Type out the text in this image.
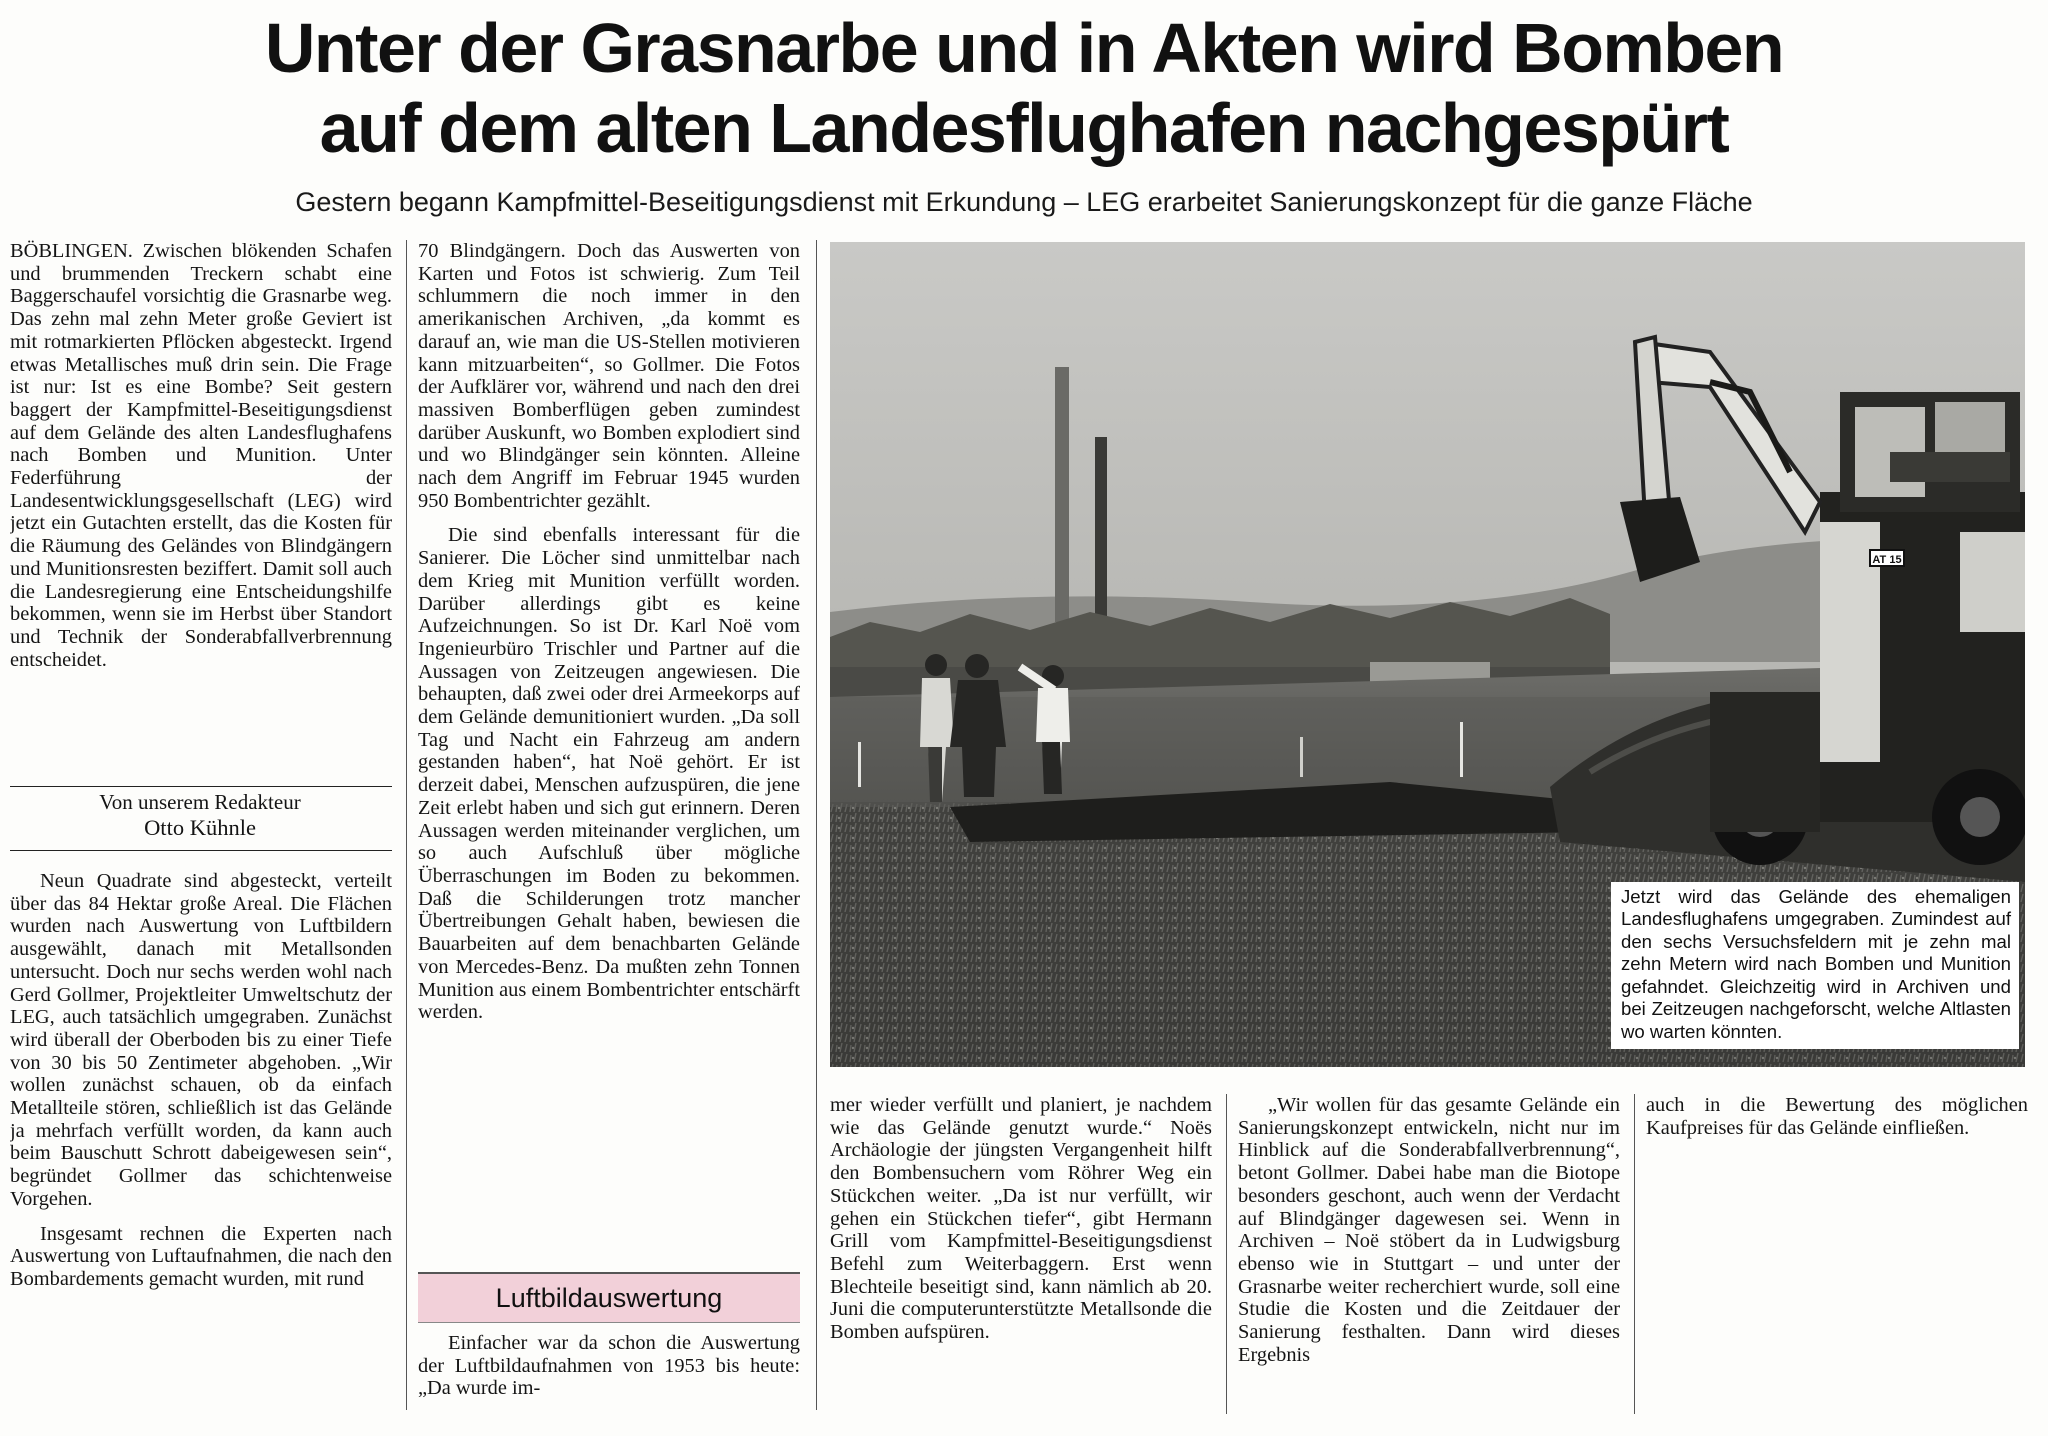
Unter der Grasnarbe und in Akten wird Bomben
auf dem alten Landesflughafen nachgespürt
Gestern begann Kampfmittel-Beseitigungsdienst mit Erkundung – LEG erarbeitet Sanierungskonzept für die ganze Fläche

BÖBLINGEN. Zwischen blökenden Schafen und brummenden Treckern schabt eine Baggerschaufel vorsichtig die Grasnarbe weg. Das zehn mal zehn Meter große Geviert ist mit rotmarkierten Pflöcken abgesteckt. Irgend etwas Metallisches muß drin sein. Die Frage ist nur: Ist es eine Bombe? Seit gestern baggert der Kampfmittel-Beseitigungsdienst auf dem Gelände des alten Landesflughafens nach Bomben und Munition. Unter Federführung der Landesentwicklungsgesellschaft (LEG) wird jetzt ein Gutachten erstellt, das die Kosten für die Räumung des Geländes von Blindgängern und Munitionsresten beziffert. Damit soll auch die Landesregierung eine Entscheidungshilfe bekommen, wenn sie im Herbst über Standort und Technik der Sonderabfallverbrennung entscheidet.

Von unserem Redakteur
Otto Kühnle

Neun Quadrate sind abgesteckt, verteilt über das 84 Hektar große Areal. Die Flächen wurden nach Auswertung von Luftbildern ausgewählt, danach mit Metallsonden untersucht. Doch nur sechs werden wohl nach Gerd Gollmer, Projektleiter Umweltschutz der LEG, auch tatsächlich umgegraben. Zunächst wird überall der Oberboden bis zu einer Tiefe von 30 bis 50 Zentimeter abgehoben. „Wir wollen zunächst schauen, ob da einfach Metallteile stören, schließlich ist das Gelände ja mehrfach verfüllt worden, da kann auch beim Bauschutt Schrott dabeigewesen sein“, begründet Gollmer das schichtenweise Vorgehen.

Insgesamt rechnen die Experten nach Auswertung von Luftaufnahmen, die nach den Bombardements gemacht wurden, mit rund

70 Blindgängern. Doch das Auswerten von Karten und Fotos ist schwierig. Zum Teil schlummern die noch immer in den amerikanischen Archiven, „da kommt es darauf an, wie man die US-Stellen motivieren kann mitzuarbeiten“, so Gollmer. Die Fotos der Aufklärer vor, während und nach den drei massiven Bomberflügen geben zumindest darüber Auskunft, wo Bomben explodiert sind und wo Blindgänger sein könnten. Alleine nach dem Angriff im Februar 1945 wurden 950 Bombentrichter gezählt.

Die sind ebenfalls interessant für die Sanierer. Die Löcher sind unmittelbar nach dem Krieg mit Munition verfüllt worden. Darüber allerdings gibt es keine Aufzeichnungen. So ist Dr. Karl Noë vom Ingenieurbüro Trischler und Partner auf die Aussagen von Zeitzeugen angewiesen. Die behaupten, daß zwei oder drei Armeekorps auf dem Gelände demunitioniert wurden. „Da soll Tag und Nacht ein Fahrzeug am andern gestanden haben“, hat Noë gehört. Er ist derzeit dabei, Menschen aufzuspüren, die jene Zeit erlebt haben und sich gut erinnern. Deren Aussagen werden miteinander verglichen, um so auch Aufschluß über mögliche Überraschungen im Boden zu bekommen. Daß die Schilderungen trotz mancher Übertreibungen Gehalt haben, bewiesen die Bauarbeiten auf dem benachbarten Gelände von Mercedes-Benz. Da mußten zehn Tonnen Munition aus einem Bombentrichter entschärft werden.

Luftbildauswertung

Einfacher war da schon die Auswertung der Luftbildaufnahmen von 1953 bis heute: „Da wurde im-

AT 15

Jetzt wird das Gelände des ehemaligen Landesflughafens umgegraben. Zumindest auf den sechs Versuchsfeldern mit je zehn mal zehn Metern wird nach Bomben und Munition gefahndet. Gleichzeitig wird in Archiven und bei Zeitzeugen nachgeforscht, welche Altlasten wo warten könnten.

mer wieder verfüllt und planiert, je nachdem wie das Gelände genutzt wurde.“ Noës Archäologie der jüngsten Vergangenheit hilft den Bombensuchern vom Röhrer Weg ein Stückchen weiter. „Da ist nur verfüllt, wir gehen ein Stückchen tiefer“, gibt Hermann Grill vom Kampfmittel-Beseitigungsdienst Befehl zum Weiterbaggern. Erst wenn Blechteile beseitigt sind, kann nämlich ab 20. Juni die computerunterstützte Metallsonde die Bomben aufspüren.

„Wir wollen für das gesamte Gelände ein Sanierungskonzept entwickeln, nicht nur im Hinblick auf die Sonderabfallverbrennung“, betont Gollmer. Dabei habe man die Biotope besonders geschont, auch wenn der Verdacht auf Blindgänger dagewesen sei. Wenn in Archiven – Noë stöbert da in Ludwigsburg ebenso wie in Stuttgart – und unter der Grasnarbe weiter recherchiert wurde, soll eine Studie die Kosten und die Zeitdauer der Sanierung festhalten. Dann wird dieses Ergebnis

auch in die Bewertung des möglichen Kaufpreises für das Gelände einfließen.
